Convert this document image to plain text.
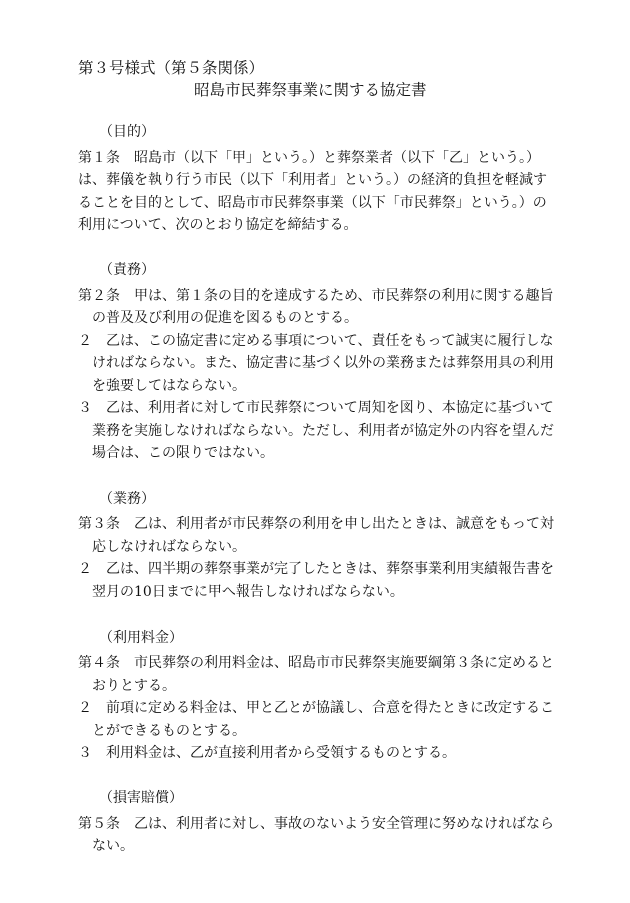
第３号様式（第５条関係）

昭島市民葬祭事業に関する協定書

（目的）

第１条　昭島市（以下「甲」という。）と葬祭業者（以下「乙」という。）

は、葬儀を執り行う市民（以下「利用者」という。）の経済的負担を軽減す

ることを目的として、昭島市市民葬祭事業（以下「市民葬祭」という。）の

利用について、次のとおり協定を締結する。

（責務）

第２条　甲は、第１条の目的を達成するため、市民葬祭の利用に関する趣旨

　の普及及び利用の促進を図るものとする。

２　乙は、この協定書に定める事項について、責任をもって誠実に履行しな

　ければならない。また、協定書に基づく以外の業務または葬祭用具の利用

　を強要してはならない。

３　乙は、利用者に対して市民葬祭について周知を図り、本協定に基づいて

　業務を実施しなければならない。ただし、利用者が協定外の内容を望んだ

　場合は、この限りではない。

（業務）

第３条　乙は、利用者が市民葬祭の利用を申し出たときは、誠意をもって対

　応しなければならない。

２　乙は、四半期の葬祭事業が完了したときは、葬祭事業利用実績報告書を

　翌月の10日までに甲へ報告しなければならない。

（利用料金）

第４条　市民葬祭の利用料金は、昭島市市民葬祭実施要綱第３条に定めると

　おりとする。

２　前項に定める料金は、甲と乙とが協議し、合意を得たときに改定するこ

　とができるものとする。

３　利用料金は、乙が直接利用者から受領するものとする。

（損害賠償）

第５条　乙は、利用者に対し、事故のないよう安全管理に努めなければなら

　ない。
